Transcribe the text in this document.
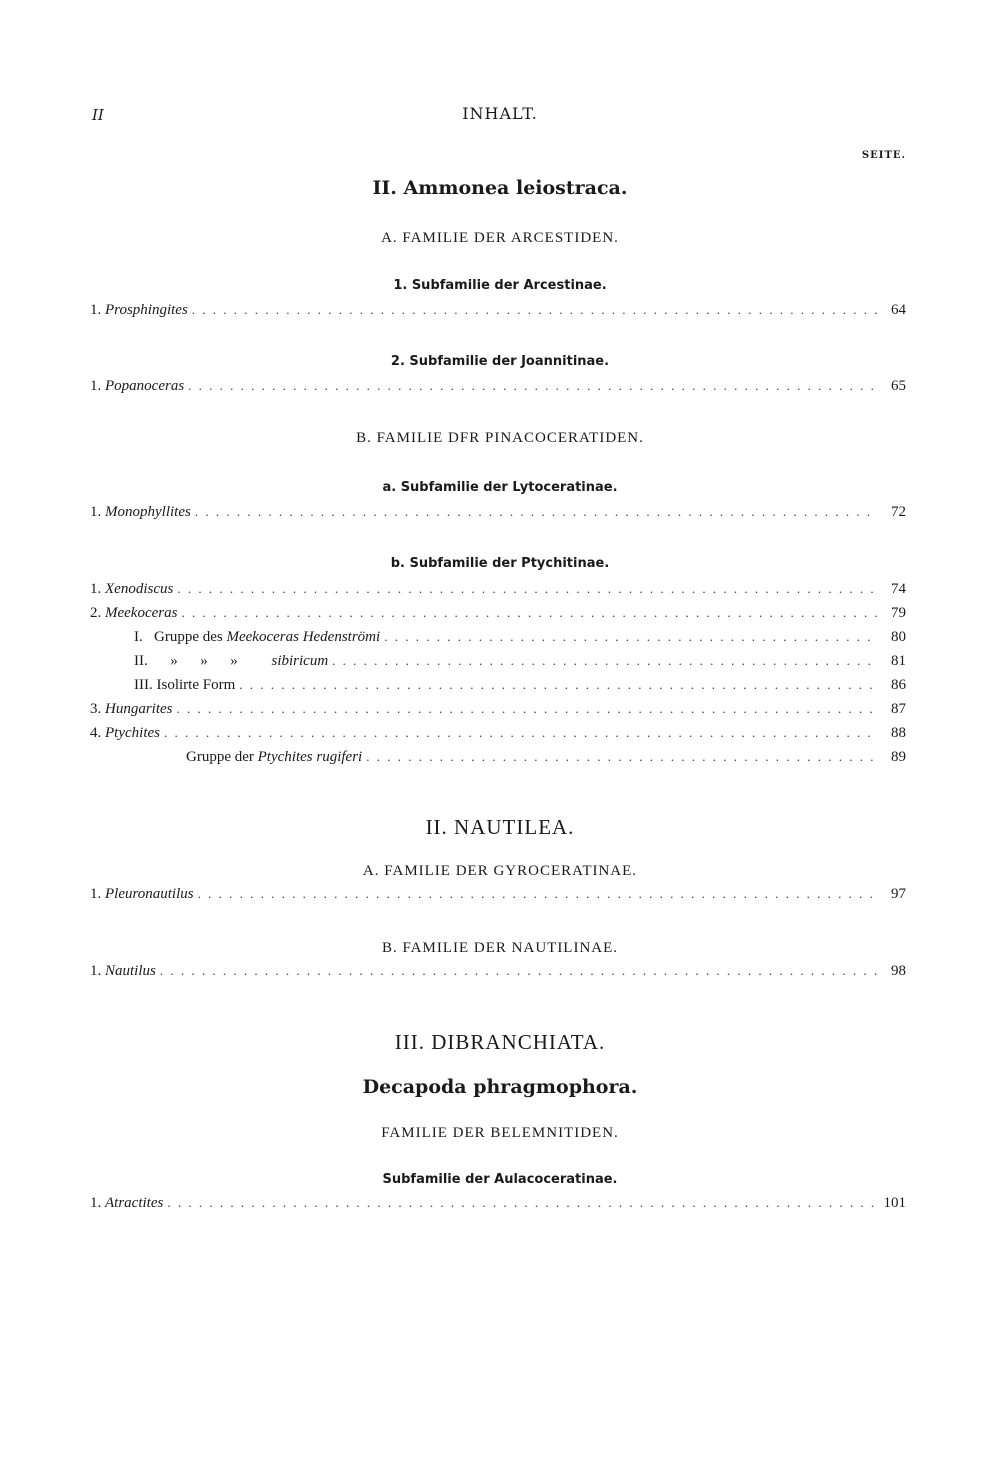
II	INHALT.
SEITE.
II. Ammonea leiostraca.
A. FAMILIE DER ARCESTIDEN.
1. Subfamilie der Arcestinae.
1. Prosphingites . . .	64
2. Subfamilie der Joannitinae.
1. Popanoceras . . .	65
B. FAMILIE DFR PINACOCERATIDEN.
a. Subfamilie der Lytoceratinae.
1. Monophyllites . . .	72
b. Subfamilie der Ptychitinae.
1. Xenodiscus . . .	74
2. Meekoceras . . .	79
I. Gruppe des Meekoceras Hedenströmi . . .	80
II. »      »      » sibiricum . . .	81
III. Isolirte Form . . .	86
3. Hungarites . . .	87
4. Ptychites . . .	88
Gruppe der Ptychites rugiferi . . .	89
II. NAUTILEA.
A. FAMILIE DER GYROCERATINAE.
1. Pleuronautilus . . .	97
B. FAMILIE DER NAUTILINAE.
1. Nautilus . . .	98
III. DIBRANCHIATA.
Decapoda phragmophora.
FAMILIE DER BELEMNITIDEN.
Subfamilie der Aulacoceratinae.
1. Atractites . . .	101
